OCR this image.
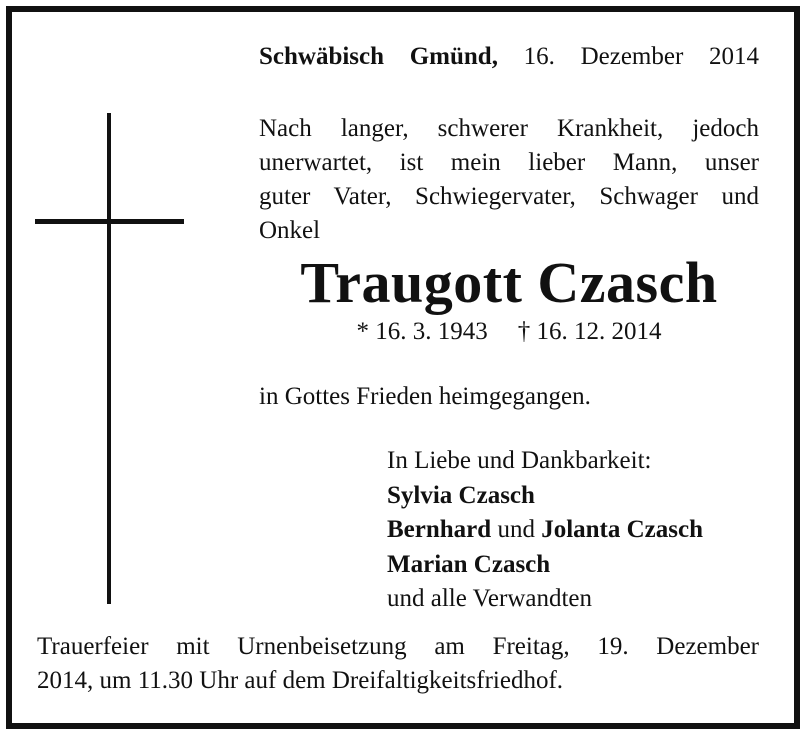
Schwäbisch Gmünd, 16. Dezember 2014
Nach langer, schwerer Krankheit, jedoch
unerwartet, ist mein lieber Mann, unser
guter Vater, Schwiegervater, Schwager und
Onkel
Traugott Czasch
* 16. 3. 1943 † 16. 12. 2014
in Gottes Frieden heimgegangen.
In Liebe und Dankbarkeit:
Sylvia Czasch
Bernhard und Jolanta Czasch
Marian Czasch
und alle Verwandten
Trauerfeier mit Urnenbeisetzung am Freitag, 19. Dezember
2014, um 11.30 Uhr auf dem Dreifaltigkeitsfriedhof.
